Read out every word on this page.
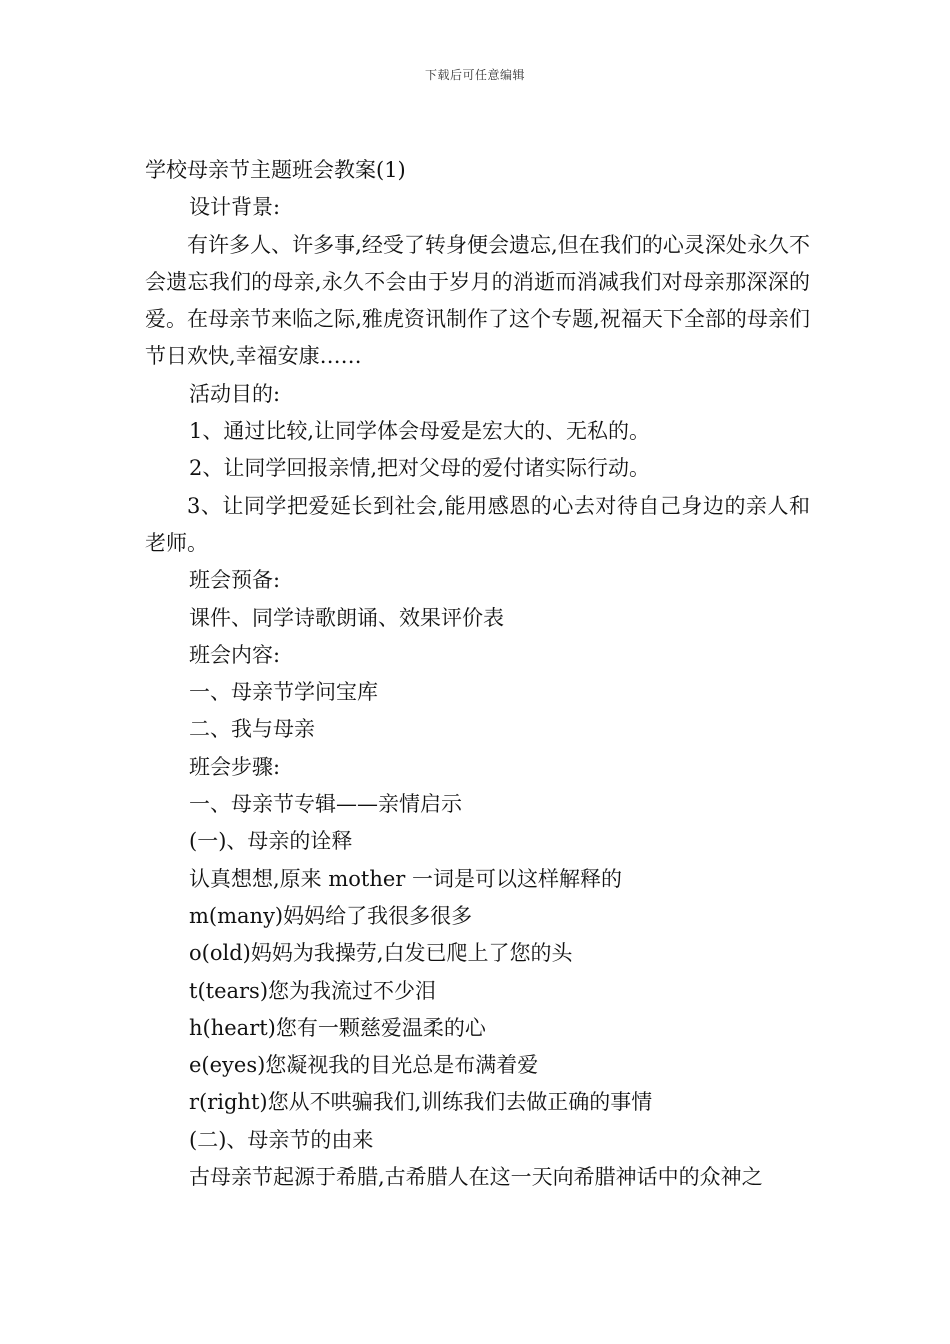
下载后可任意编辑
学校母亲节主题班会教案(1)
设计背景:
有许多人、许多事,经受了转身便会遗忘,但在我们的心灵深处永久不会遗忘我们的母亲,永久不会由于岁月的消逝而消减我们对母亲那深深的爱。在母亲节来临之际,雅虎资讯制作了这个专题,祝福天下全部的母亲们节日欢快,幸福安康……
活动目的:
1、通过比较,让同学体会母爱是宏大的、无私的。
2、让同学回报亲情,把对父母的爱付诸实际行动。
3、让同学把爱延长到社会,能用感恩的心去对待自己身边的亲人和老师。
班会预备:
课件、同学诗歌朗诵、效果评价表
班会内容:
一、母亲节学问宝库
二、我与母亲
班会步骤:
一、母亲节专辑——亲情启示
(一)、母亲的诠释
认真想想,原来 mother 一词是可以这样解释的
m(many)妈妈给了我很多很多
o(old)妈妈为我操劳,白发已爬上了您的头
t(tears)您为我流过不少泪
h(heart)您有一颗慈爱温柔的心
e(eyes)您凝视我的目光总是布满着爱
r(right)您从不哄骗我们,训练我们去做正确的事情
(二)、母亲节的由来
古母亲节起源于希腊,古希腊人在这一天向希腊神话中的众神之
